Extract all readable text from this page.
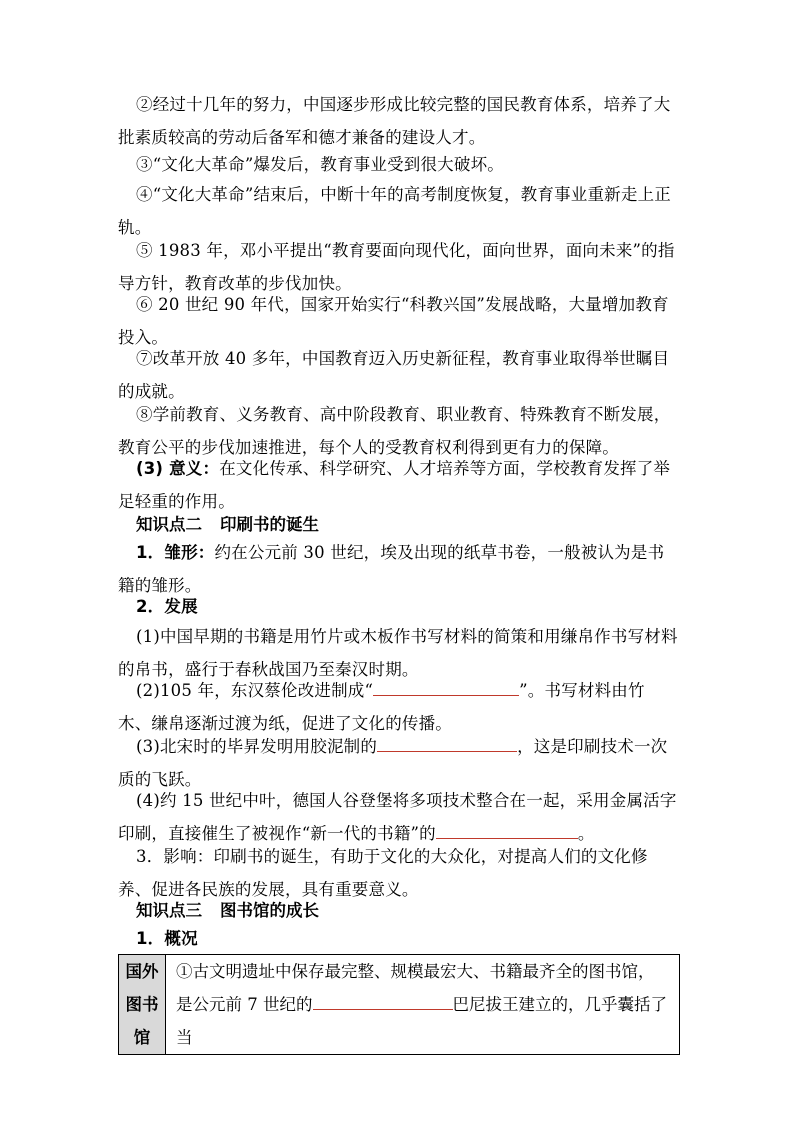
②经过十几年的努力，中国逐步形成比较完整的国民教育体系，培养了大批素质较高的劳动后备军和德才兼备的建设人才。
③“文化大革命”爆发后，教育事业受到很大破坏。
④“文化大革命”结束后，中断十年的高考制度恢复，教育事业重新走上正轨。
⑤ 1983 年，邓小平提出“教育要面向现代化，面向世界，面向未来”的指导方针，教育改革的步伐加快。
⑥ 20 世纪 90 年代，国家开始实行“科教兴国”发展战略，大量增加教育投入。
⑦改革开放 40 多年，中国教育迈入历史新征程，教育事业取得举世瞩目的成就。
⑧学前教育、义务教育、高中阶段教育、职业教育、特殊教育不断发展，教育公平的步伐加速推进，每个人的受教育权利得到更有力的保障。
(3) 意义：在文化传承、科学研究、人才培养等方面，学校教育发挥了举足轻重的作用。
知识点二 印刷书的诞生
1．雏形：约在公元前 30 世纪，埃及出现的纸草书卷，一般被认为是书籍的雏形。
2．发展
(1)中国早期的书籍是用竹片或木板作书写材料的简策和用缣帛作书写材料的帛书，盛行于春秋战国乃至秦汉时期。
(2)105 年，东汉蔡伦改进制成“	”。书写材料由竹木、缣帛逐渐过渡为纸，促进了文化的传播。
(3)北宋时的毕昇发明用胶泥制的	，这是印刷技术一次质的飞跃。
(4)约 15 世纪中叶，德国人谷登堡将多项技术整合在一起，采用金属活字印刷，直接催生了被视作“新一代的书籍”的	。
3．影响：印刷书的诞生，有助于文化的大众化，对提高人们的文化修养、促进各民族的发展，具有重要意义。
知识点三 图书馆的成长
1．概况
国外
图书
馆
	①古文明遗址中保存最完整、规模最宏大、书籍最齐全的图书馆，是公元前 7 世纪的	巴尼拔王建立的，几乎囊括了当
